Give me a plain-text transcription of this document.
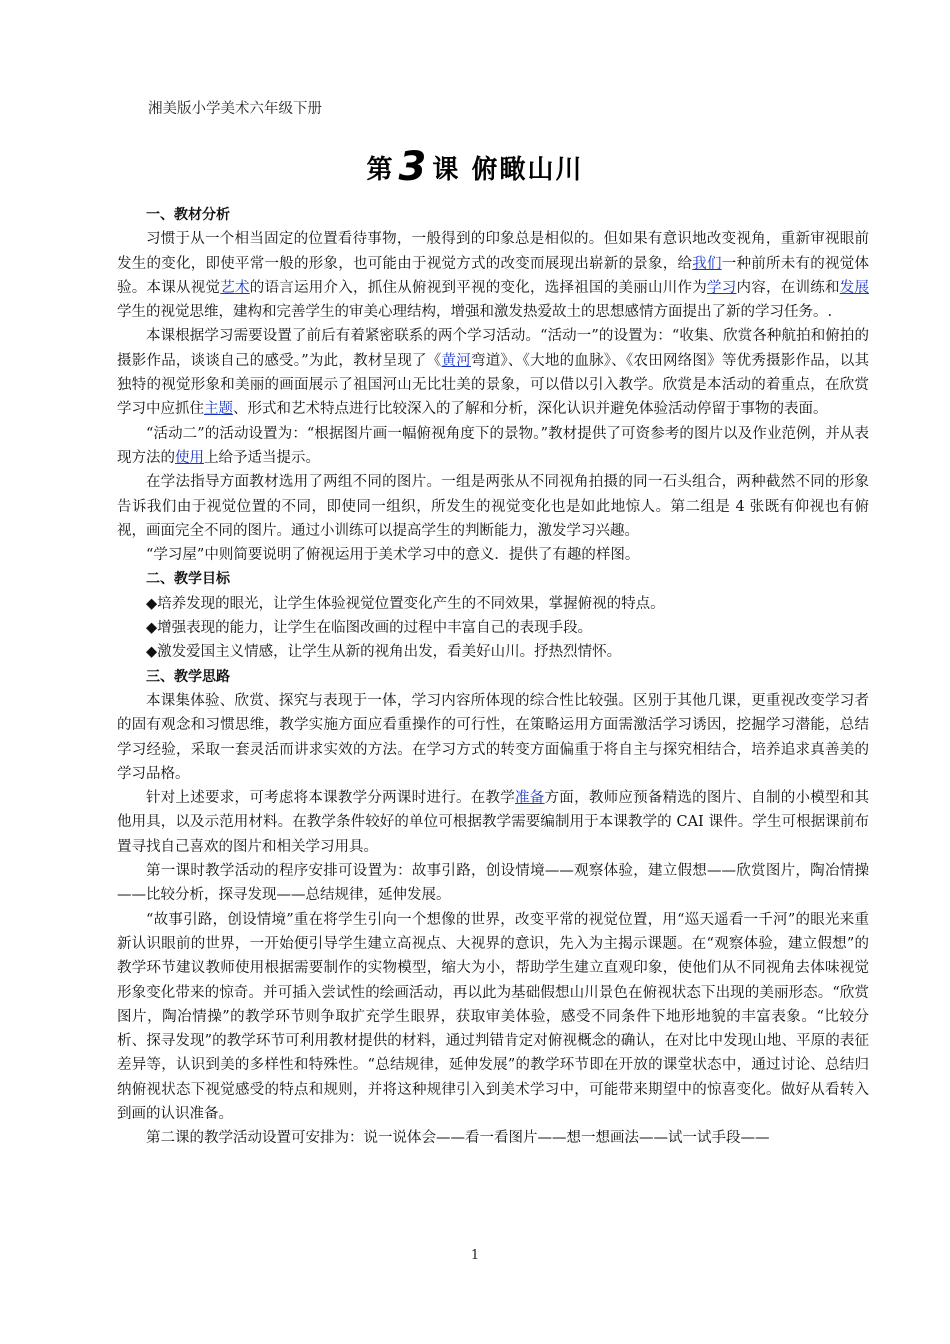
湘美版小学美术六年级下册
第 3 课 俯瞰山川

一、教材分析

习惯于从一个相当固定的位置看待事物，一般得到的印象总是相似的。但如果有意识地改变视角，重新审视眼前发生的变化，即使平常一般的形象，也可能由于视觉方式的改变而展现出崭新的景象，给我们一种前所未有的视觉体验。本课从视觉艺术的语言运用介入，抓住从俯视到平视的变化，选择祖国的美丽山川作为学习内容，在训练和发展学生的视觉思维，建构和完善学生的审美心理结构，增强和激发热爱故土的思想感情方面提出了新的学习任务。.

本课根据学习需要设置了前后有着紧密联系的两个学习活动。“活动一”的设置为：“收集、欣赏各种航拍和俯拍的摄影作品，谈谈自己的感受。”为此，教材呈现了《黄河弯道》、《大地的血脉》、《农田网络图》等优秀摄影作品，以其独特的视觉形象和美丽的画面展示了祖国河山无比壮美的景象，可以借以引入教学。欣赏是本活动的着重点，在欣赏学习中应抓住主题、形式和艺术特点进行比较深入的了解和分析，深化认识并避免体验活动停留于事物的表面。

“活动二”的活动设置为：“根据图片画一幅俯视角度下的景物。”教材提供了可资参考的图片以及作业范例，并从表现方法的使用上给予适当提示。

在学法指导方面教材选用了两组不同的图片。一组是两张从不同视角拍摄的同一石头组合，两种截然不同的形象告诉我们由于视觉位置的不同，即使同一组织，所发生的视觉变化也是如此地惊人。第二组是 4 张既有仰视也有俯视，画面完全不同的图片。通过小训练可以提高学生的判断能力，激发学习兴趣。

“学习屋”中则简要说明了俯视运用于美术学习中的意义．提供了有趣的样图。

二、教学目标

◆培养发现的眼光，让学生体验视觉位置变化产生的不同效果，掌握俯视的特点。

◆增强表现的能力，让学生在临图改画的过程中丰富自己的表现手段。

◆激发爱国主义情感，让学生从新的视角出发，看美好山川。抒热烈情怀。

三、教学思路

本课集体验、欣赏、探究与表现于一体，学习内容所体现的综合性比较强。区别于其他几课，更重视改变学习者的固有观念和习惯思维，教学实施方面应看重操作的可行性，在策略运用方面需激活学习诱因，挖掘学习潜能，总结学习经验，采取一套灵活而讲求实效的方法。在学习方式的转变方面偏重于将自主与探究相结合，培养追求真善美的学习品格。

针对上述要求，可考虑将本课教学分两课时进行。在教学准备方面，教师应预备精选的图片、自制的小模型和其他用具，以及示范用材料。在教学条件较好的单位可根据教学需要编制用于本课教学的 CAI 课件。学生可根据课前布置寻找自己喜欢的图片和相关学习用具。

第一课时教学活动的程序安排可设置为：故事引路，创设情境——观察体验，建立假想——欣赏图片，陶冶情操——比较分析，探寻发现——总结规律，延伸发展。

“故事引路，创设情境”重在将学生引向一个想像的世界，改变平常的视觉位置，用“巡天遥看一千河”的眼光来重新认识眼前的世界，一开始便引导学生建立高视点、大视界的意识，先入为主揭示课题。在“观察体验，建立假想”的教学环节建议教师使用根据需要制作的实物模型，缩大为小，帮助学生建立直观印象，使他们从不同视角去体味视觉形象变化带来的惊奇。并可插入尝试性的绘画活动，再以此为基础假想山川景色在俯视状态下出现的美丽形态。“欣赏图片，陶冶情操”的教学环节则争取扩充学生眼界，获取审美体验，感受不同条件下地形地貌的丰富表象。“比较分析、探寻发现”的教学环节可利用教材提供的材料，通过判错肯定对俯视概念的确认，在对比中发现山地、平原的表征差异等，认识到美的多样性和特殊性。“总结规律，延伸发展”的教学环节即在开放的课堂状态中，通过讨论、总结归纳俯视状态下视觉感受的特点和规则，并将这种规律引入到美术学习中，可能带来期望中的惊喜变化。做好从看转入到画的认识准备。

第二课的教学活动设置可安排为：说一说体会——看一看图片——想一想画法——试一试手段——

1
